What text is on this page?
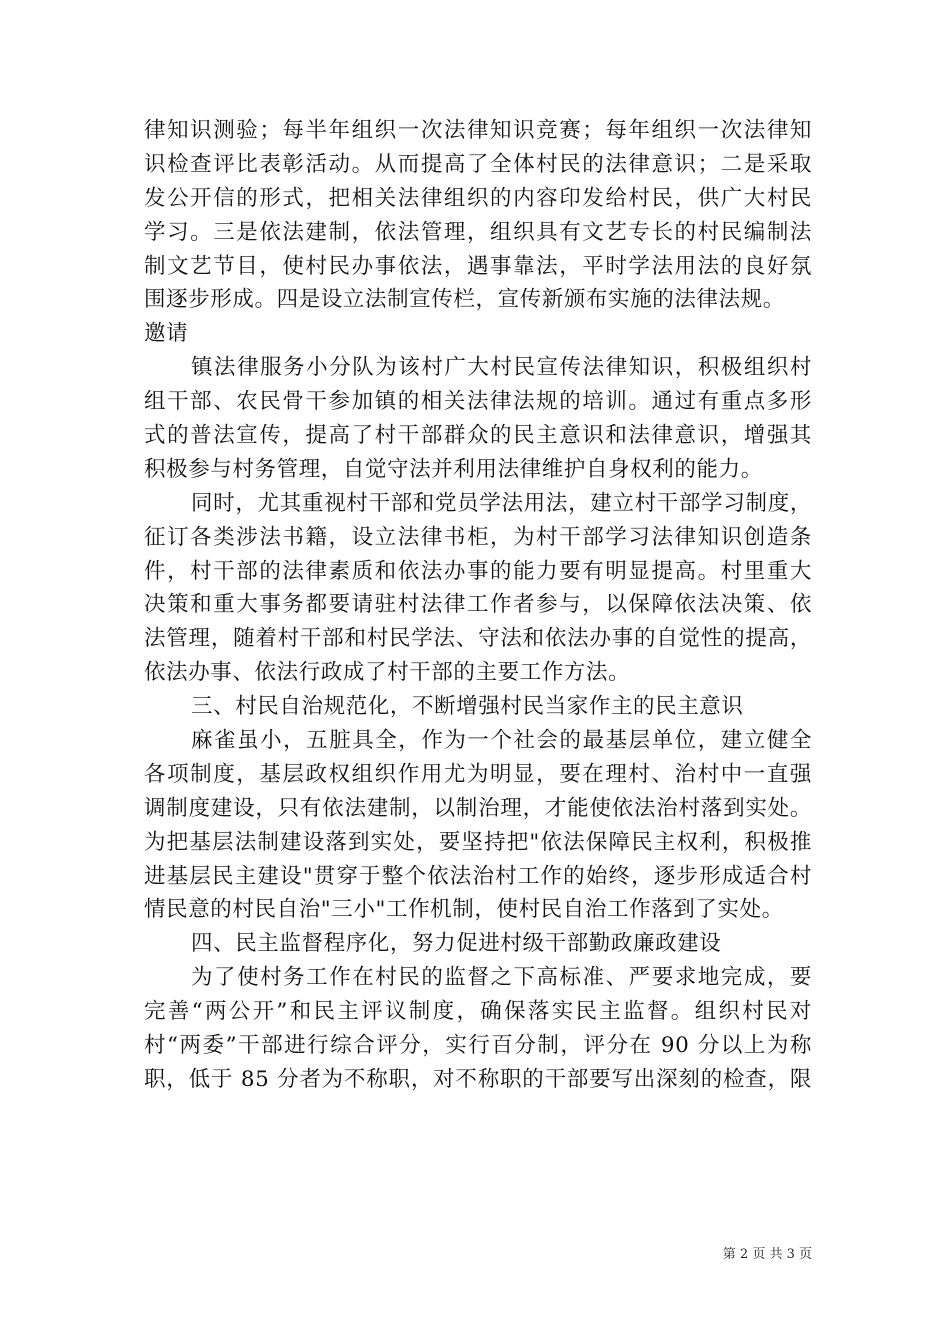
律知识测验；每半年组织一次法律知识竞赛；每年组织一次法律知
识检查评比表彰活动。从而提高了全体村民的法律意识；二是采取
发公开信的形式，把相关法律组织的内容印发给村民，供广大村民
学习。三是依法建制，依法管理，组织具有文艺专长的村民编制法
制文艺节目，使村民办事依法，遇事靠法，平时学法用法的良好氛
围逐步形成。四是设立法制宣传栏，宣传新颁布实施的法律法规。
邀请
镇法律服务小分队为该村广大村民宣传法律知识，积极组织村
组干部、农民骨干参加镇的相关法律法规的培训。通过有重点多形
式的普法宣传，提高了村干部群众的民主意识和法律意识，增强其
积极参与村务管理，自觉守法并利用法律维护自身权利的能力。
同时，尤其重视村干部和党员学法用法，建立村干部学习制度，
征订各类涉法书籍，设立法律书柜，为村干部学习法律知识创造条
件，村干部的法律素质和依法办事的能力要有明显提高。村里重大
决策和重大事务都要请驻村法律工作者参与，以保障依法决策、依
法管理，随着村干部和村民学法、守法和依法办事的自觉性的提高，
依法办事、依法行政成了村干部的主要工作方法。
三、村民自治规范化，不断增强村民当家作主的民主意识
麻雀虽小，五脏具全，作为一个社会的最基层单位，建立健全
各项制度，基层政权组织作用尤为明显，要在理村、治村中一直强
调制度建设，只有依法建制，以制治理，才能使依法治村落到实处。
为把基层法制建设落到实处，要坚持把"依法保障民主权利，积极推
进基层民主建设"贯穿于整个依法治村工作的始终，逐步形成适合村
情民意的村民自治"三小"工作机制，使村民自治工作落到了实处。
四、民主监督程序化，努力促进村级干部勤政廉政建设
为了使村务工作在村民的监督之下高标准、严要求地完成，要
完善“两公开”和民主评议制度，确保落实民主监督。组织村民对
村“两委”干部进行综合评分，实行百分制，评分在 90 分以上为称
职，低于 85 分者为不称职，对不称职的干部要写出深刻的检查，限
第 2 页 共 3 页
